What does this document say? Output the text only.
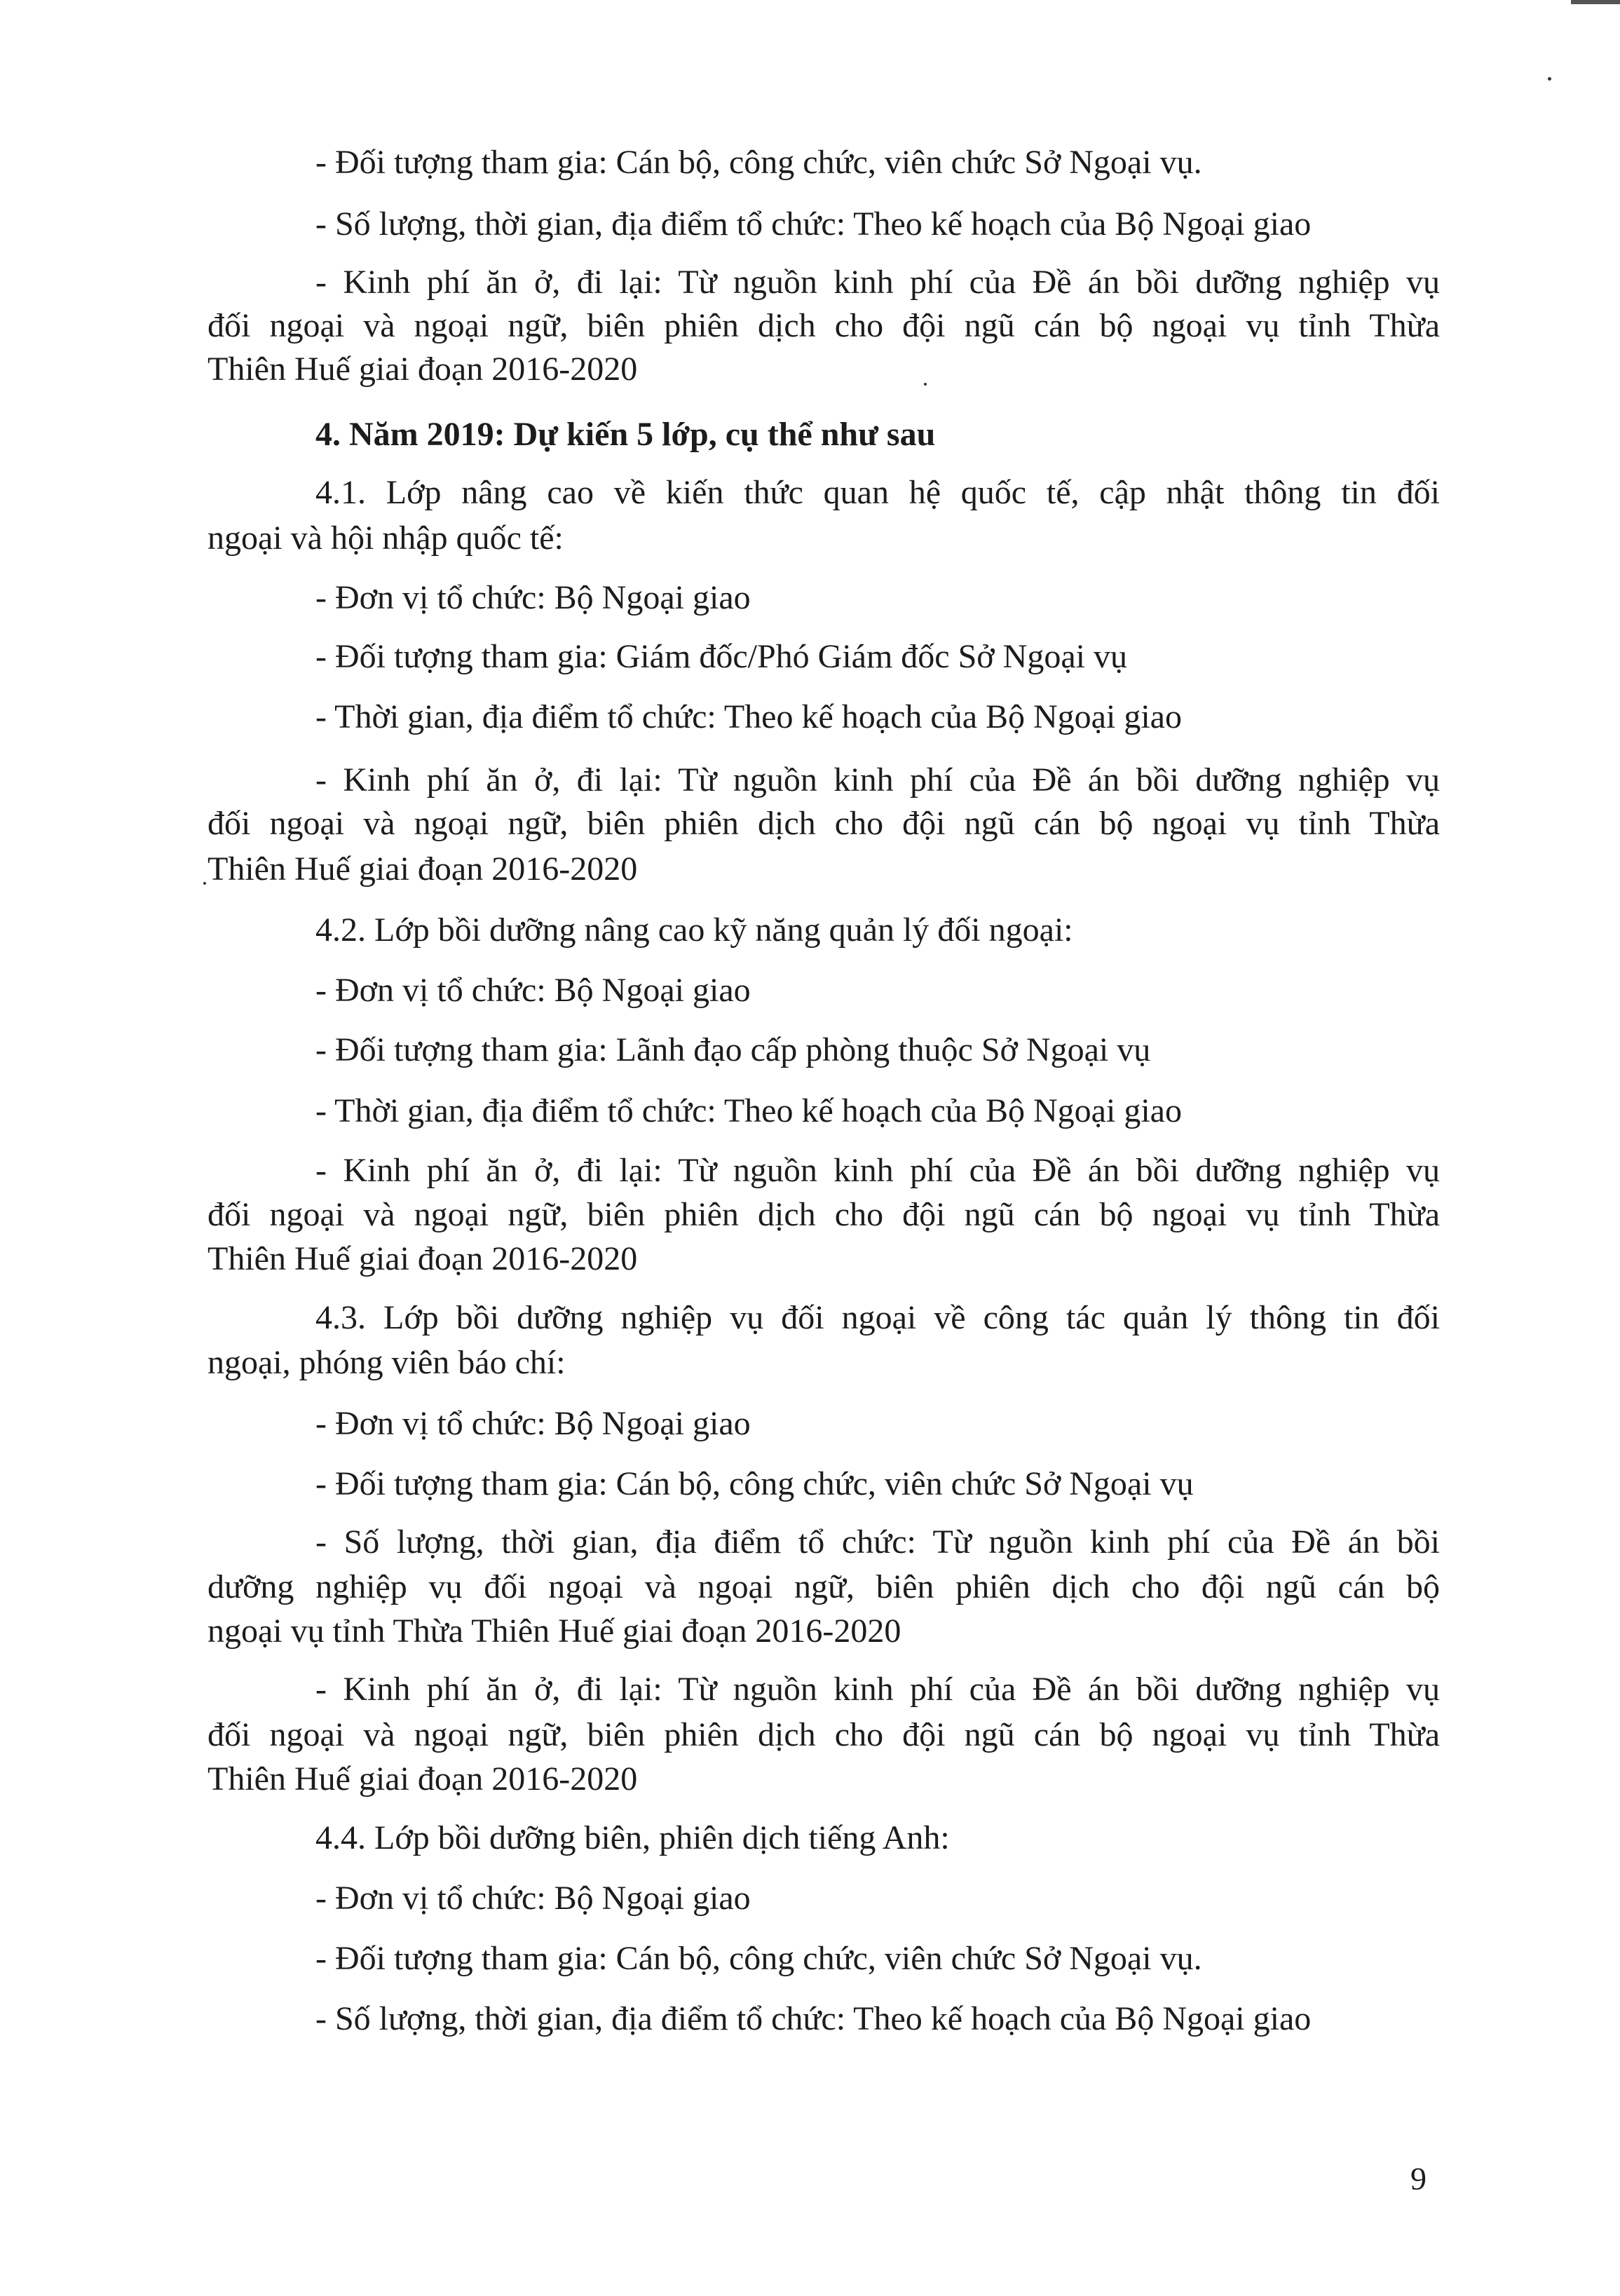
- Đối tượng tham gia: Cán bộ, công chức, viên chức Sở Ngoại vụ.
- Số lượng, thời gian, địa điểm tổ chức: Theo kế hoạch của Bộ Ngoại giao
- Kinh phí ăn ở, đi lại: Từ nguồn kinh phí của Đề án bồi dưỡng nghiệp vụ
đối ngoại và ngoại ngữ, biên phiên dịch cho đội ngũ cán bộ ngoại vụ tỉnh Thừa
Thiên Huế giai đoạn 2016-2020
4. Năm 2019: Dự kiến 5 lớp, cụ thể như sau
4.1. Lớp nâng cao về kiến thức quan hệ quốc tế, cập nhật thông tin đối
ngoại và hội nhập quốc tế:
- Đơn vị tổ chức: Bộ Ngoại giao
- Đối tượng tham gia: Giám đốc/Phó Giám đốc Sở Ngoại vụ
- Thời gian, địa điểm tổ chức: Theo kế hoạch của Bộ Ngoại giao
- Kinh phí ăn ở, đi lại: Từ nguồn kinh phí của Đề án bồi dưỡng nghiệp vụ
đối ngoại và ngoại ngữ, biên phiên dịch cho đội ngũ cán bộ ngoại vụ tỉnh Thừa
Thiên Huế giai đoạn 2016-2020
4.2. Lớp bồi dưỡng nâng cao kỹ năng quản lý đối ngoại:
- Đơn vị tổ chức: Bộ Ngoại giao
- Đối tượng tham gia: Lãnh đạo cấp phòng thuộc Sở Ngoại vụ
- Thời gian, địa điểm tổ chức: Theo kế hoạch của Bộ Ngoại giao
- Kinh phí ăn ở, đi lại: Từ nguồn kinh phí của Đề án bồi dưỡng nghiệp vụ
đối ngoại và ngoại ngữ, biên phiên dịch cho đội ngũ cán bộ ngoại vụ tỉnh Thừa
Thiên Huế giai đoạn 2016-2020
4.3. Lớp bồi dưỡng nghiệp vụ đối ngoại về công tác quản lý thông tin đối
ngoại, phóng viên báo chí:
- Đơn vị tổ chức: Bộ Ngoại giao
- Đối tượng tham gia: Cán bộ, công chức, viên chức Sở Ngoại vụ
- Số lượng, thời gian, địa điểm tổ chức: Từ nguồn kinh phí của Đề án bồi
dưỡng nghiệp vụ đối ngoại và ngoại ngữ, biên phiên dịch cho đội ngũ cán bộ
ngoại vụ tỉnh Thừa Thiên Huế giai đoạn 2016-2020
- Kinh phí ăn ở, đi lại: Từ nguồn kinh phí của Đề án bồi dưỡng nghiệp vụ
đối ngoại và ngoại ngữ, biên phiên dịch cho đội ngũ cán bộ ngoại vụ tỉnh Thừa
Thiên Huế giai đoạn 2016-2020
4.4. Lớp bồi dưỡng biên, phiên dịch tiếng Anh:
- Đơn vị tổ chức: Bộ Ngoại giao
- Đối tượng tham gia: Cán bộ, công chức, viên chức Sở Ngoại vụ.
- Số lượng, thời gian, địa điểm tổ chức: Theo kế hoạch của Bộ Ngoại giao
9
